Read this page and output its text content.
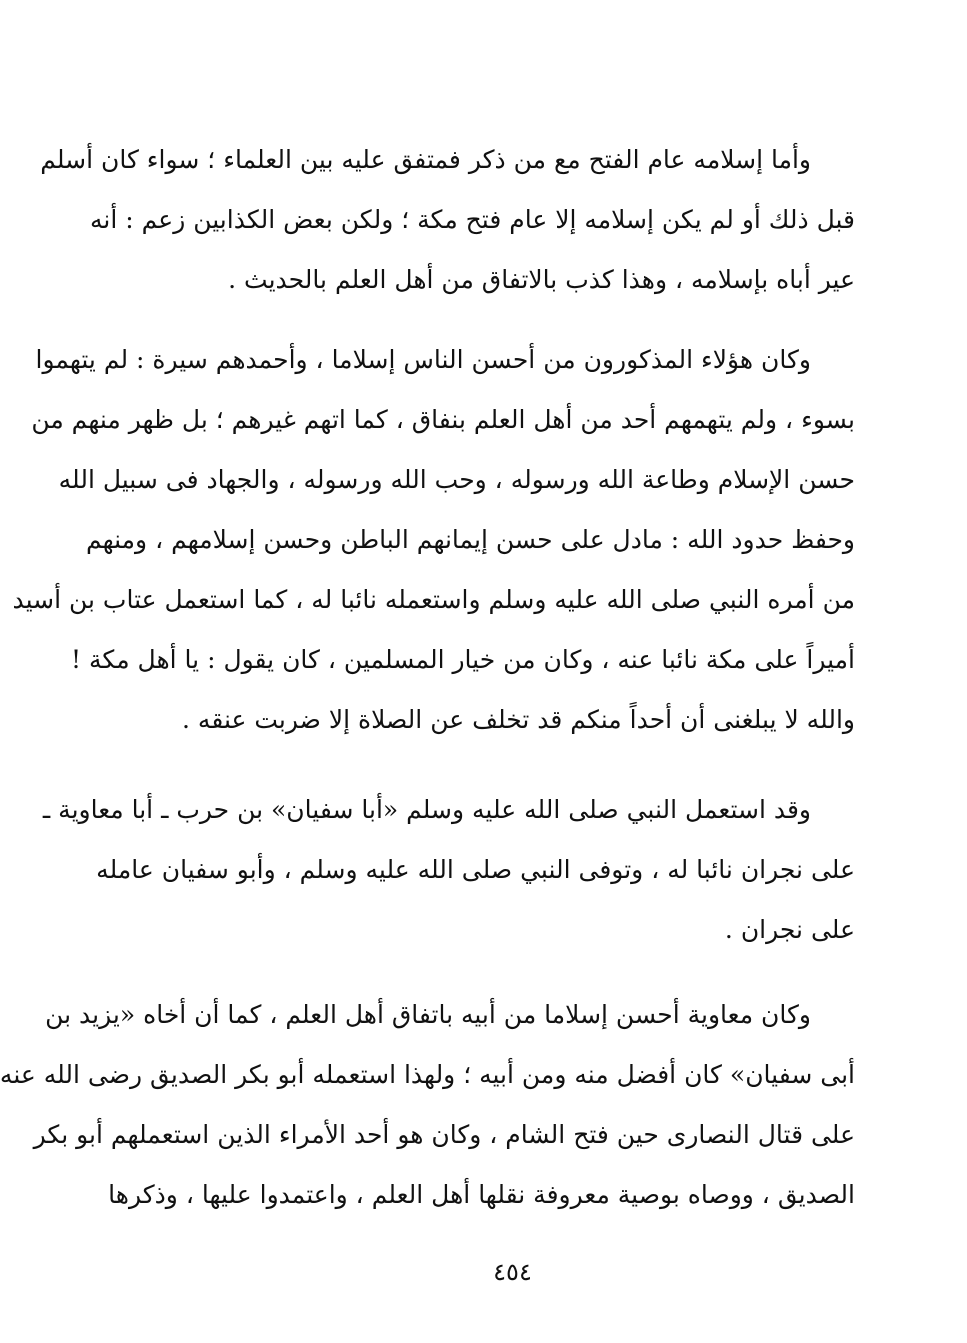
وأما إسلامه عام الفتح مع من ذكر فمتفق عليه بين العلماء ؛ سواء كان أسلم
قبل ذلك أو لم يكن إسلامه إلا عام فتح مكة ؛ ولكن بعض الكذابين زعم : أنه
عير أباه بإسلامه ، وهذا كذب بالاتفاق من أهل العلم بالحديث .
وكان هؤلاء المذكورون من أحسن الناس إسلاما ، وأحمدهم سيرة : لم يتهموا
بسوء ، ولم يتهمهم أحد من أهل العلم بنفاق ، كما اتهم غيرهم ؛ بل ظهر منهم من
حسن الإسلام وطاعة الله ورسوله ، وحب الله ورسوله ، والجهاد فى سبيل الله
وحفظ حدود الله : مادل على حسن إيمانهم الباطن وحسن إسلامهم ، ومنهم
من أمره النبي صلى الله عليه وسلم واستعمله نائبا له ، كما استعمل عتاب بن أسيد
أميراً على مكة نائبا عنه ، وكان من خيار المسلمين ، كان يقول : يا أهل مكة !
والله لا يبلغنى أن أحداً منكم قد تخلف عن الصلاة إلا ضربت عنقه .
وقد استعمل النبي صلى الله عليه وسلم «أبا سفيان» بن حرب ـ أبا معاوية ـ
على نجران نائبا له ، وتوفى النبي صلى الله عليه وسلم ، وأبو سفيان عامله
على نجران .
وكان معاوية أحسن إسلاما من أبيه باتفاق أهل العلم ، كما أن أخاه «يزيد بن
أبى سفيان» كان أفضل منه ومن أبيه ؛ ولهذا استعمله أبو بكر الصديق رضى الله عنه
على قتال النصارى حين فتح الشام ، وكان هو أحد الأمراء الذين استعملهم أبو بكر
الصديق ، ووصاه بوصية معروفة نقلها أهل العلم ، واعتمدوا عليها ، وذكرها
٤٥٤
